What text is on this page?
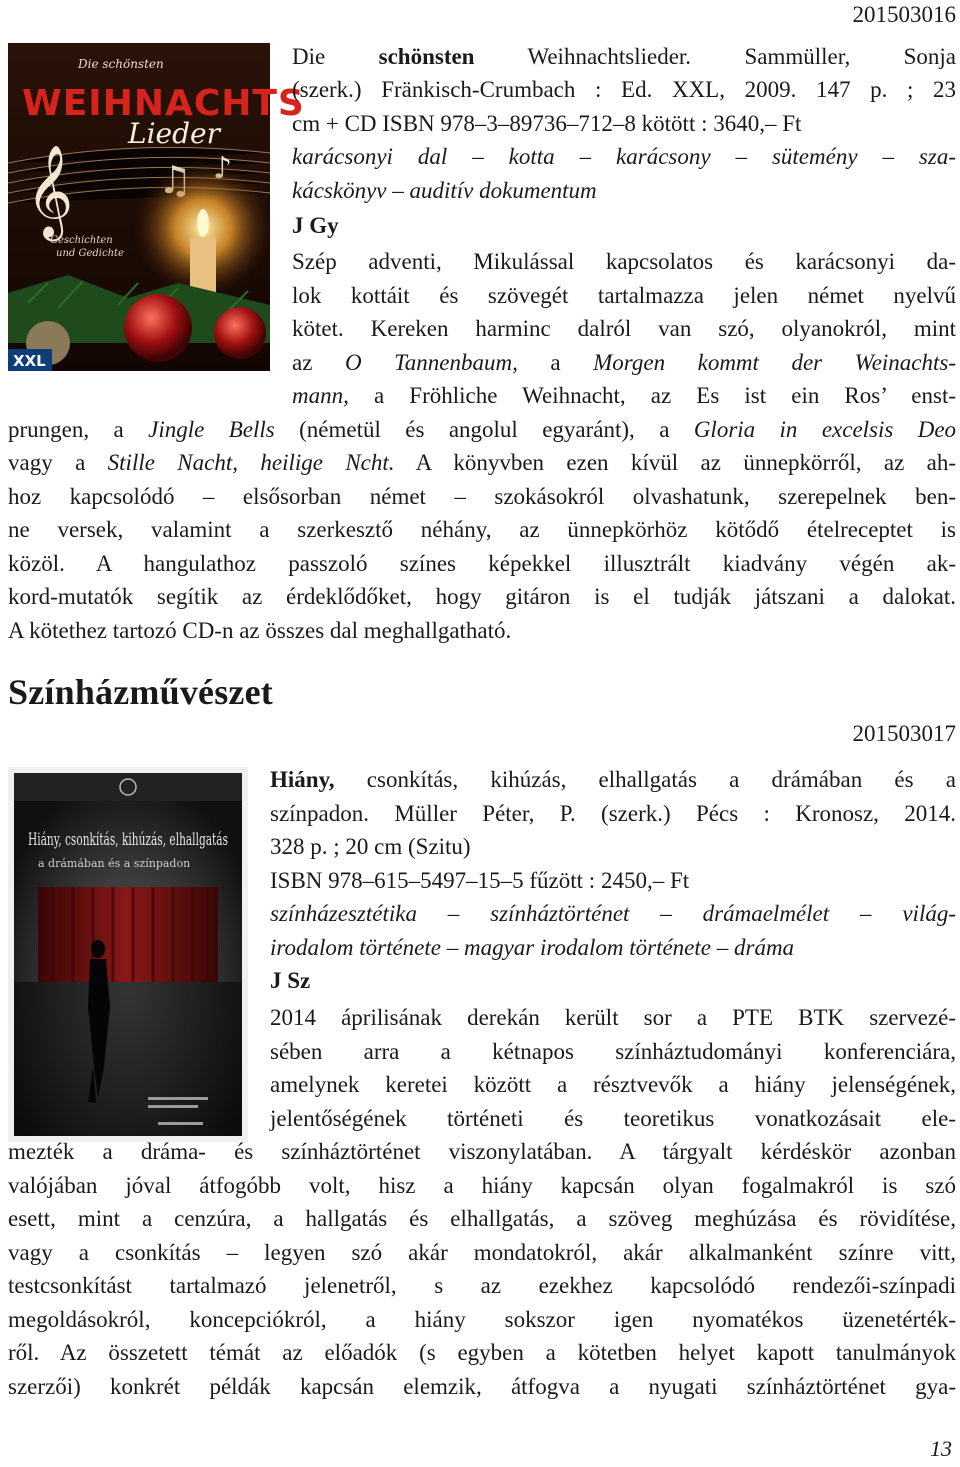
201503016
𝄞
Die schönsten
WEIHNACHTS
Lieder
Geschichten
und Gedichte
XXL

Die schönsten Weihnachtslieder. Sammüller, Sonja

(szerk.) Fränkisch-Crumbach : Ed. XXL, 2009. 147 p. ; 23

cm + CD ISBN 978–3–89736–712–8 kötött : 3640,– Ft

karácsonyi dal – kotta – karácsony – sütemény – sza-

kácskönyv – auditív dokumentum

J Gy

Szép adventi, Mikulással kapcsolatos és karácsonyi da-

lok kottáit és szövegét tartalmazza jelen német nyelvű

kötet. Kereken harminc dalról van szó, olyanokról, mint

az O Tannenbaum, a Morgen kommt der Weinachts-

mann, a Fröhliche Weihnacht, az Es ist ein Ros’ enst-

prungen, a Jingle Bells (németül és angolul egyaránt), a Gloria in excelsis Deo

vagy a Stille Nacht, heilige Ncht. A könyvben ezen kívül az ünnepkörről, az ah-

hoz kapcsolódó – elsősorban német – szokásokról olvashatunk, szerepelnek ben-

ne versek, valamint a szerkesztő néhány, az ünnepkörhöz kötődő ételreceptet is

közöl. A hangulathoz passzoló színes képekkel illusztrált kiadvány végén ak-

kord-mutatók segítik az érdeklődőket, hogy gitáron is el tudják játszani a dalokat.

A kötethez tartozó CD-n az összes dal meghallgatható.

Színházművészet
201503017
Hiány, csonkítás, kihúzás, elhallgatás
a drámában és a színpadon

Hiány, csonkítás, kihúzás, elhallgatás a drámában és a

színpadon. Müller Péter, P. (szerk.) Pécs : Kronosz, 2014.

328 p. ; 20 cm (Szitu)

ISBN 978–615–5497–15–5 fűzött : 2450,– Ft

színházesztétika – színháztörténet – drámaelmélet – világ-

irodalom története – magyar irodalom története – dráma

J Sz

2014 áprilisának derekán került sor a PTE BTK szervezé-

sében arra a kétnapos színháztudományi konferenciára,

amelynek keretei között a résztvevők a hiány jelenségének,

jelentőségének történeti és teoretikus vonatkozásait ele-

mezték a dráma- és színháztörténet viszonylatában. A tárgyalt kérdéskör azonban

valójában jóval átfogóbb volt, hisz a hiány kapcsán olyan fogalmakról is szó

esett, mint a cenzúra, a hallgatás és elhallgatás, a szöveg meghúzása és rövidítése,

vagy a csonkítás – legyen szó akár mondatokról, akár alkalmanként színre vitt,

testcsonkítást tartalmazó jelenetről, s az ezekhez kapcsolódó rendezői-színpadi

megoldásokról, koncepciókról, a hiány sokszor igen nyomatékos üzenetérték-

ről. Az összetett témát az előadók (s egyben a kötetben helyet kapott tanulmányok

szerzői) konkrét példák kapcsán elemzik, átfogva a nyugati színháztörténet gya-

13
